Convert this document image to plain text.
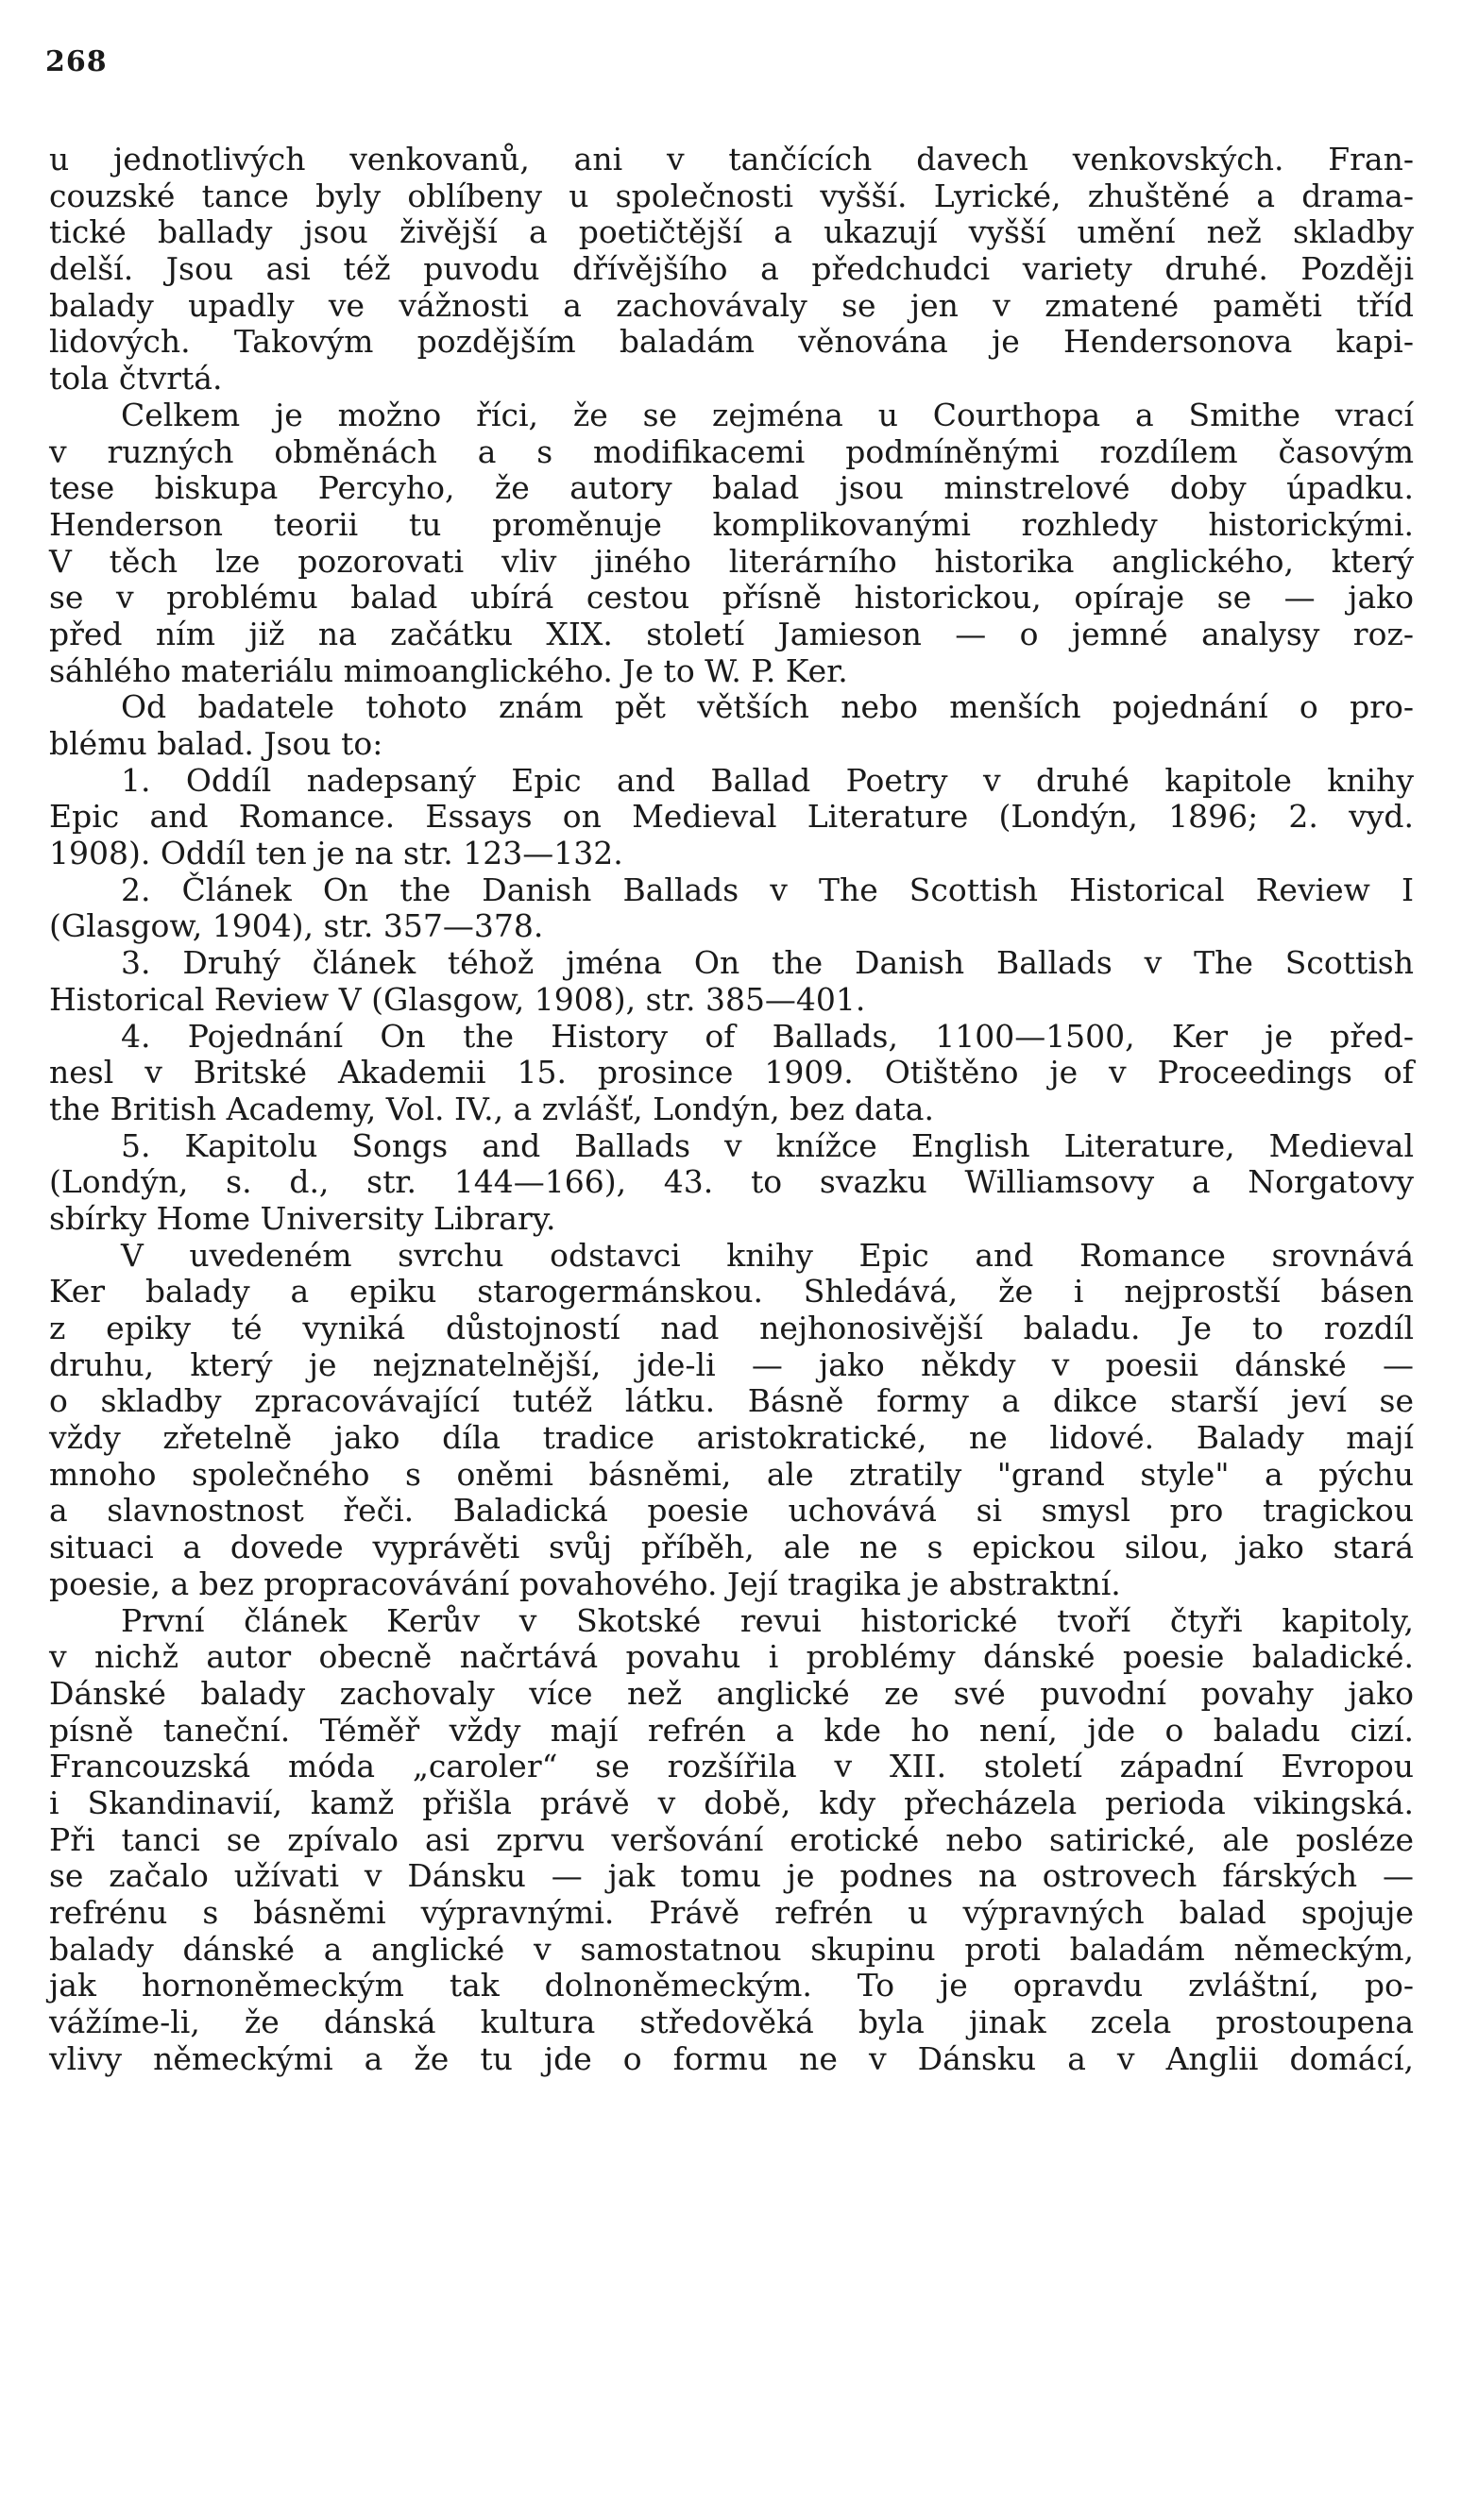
268
u jednotlivých venkovanů, ani v tančících davech venkovských. Fran-
couzské tance byly oblíbeny u společnosti vyšší. Lyrické, zhuštěné a drama-
tické ballady jsou živější a poetičtější a ukazují vyšší umění než skladby
delší. Jsou asi též puvodu dřívějšího a předchudci variety druhé. Později
balady upadly ve vážnosti a zachovávaly se jen v zmatené paměti tříd
lidových. Takovým pozdějším baladám věnována je Hendersonova kapi-
tola čtvrtá.
Celkem je možno říci, že se zejména u Courthopa a Smithe vrací
v ruzných obměnách a s modifikacemi podmíněnými rozdílem časovým
tese biskupa Percyho, že autory balad jsou minstrelové doby úpadku.
Henderson teorii tu proměnuje komplikovanými rozhledy historickými.
V těch lze pozorovati vliv jiného literárního historika anglického, který
se v problému balad ubírá cestou přísně historickou, opíraje se — jako
před ním již na začátku XIX. století Jamieson — o jemné analysy roz-
sáhlého materiálu mimoanglického. Je to W. P. Ker.
Od badatele tohoto znám pět větších nebo menších pojednání o pro-
blému balad. Jsou to:
1. Oddíl nadepsaný Epic and Ballad Poetry v druhé kapitole knihy
Epic and Romance. Essays on Medieval Literature (Londýn, 1896; 2. vyd.
1908). Oddíl ten je na str. 123—132.
2. Článek On the Danish Ballads v The Scottish Historical Review I
(Glasgow, 1904), str. 357—378.
3. Druhý článek téhož jména On the Danish Ballads v The Scottish
Historical Review V (Glasgow, 1908), str. 385—401.
4. Pojednání On the History of Ballads, 1100—1500, Ker je před-
nesl v Britské Akademii 15. prosince 1909. Otištěno je v Proceedings of
the British Academy, Vol. IV., a zvlášť, Londýn, bez data.
5. Kapitolu Songs and Ballads v knížce English Literature, Medieval
(Londýn, s. d., str. 144—166), 43. to svazku Williamsovy a Norgatovy
sbírky Home University Library.
V uvedeném svrchu odstavci knihy Epic and Romance srovnává
Ker balady a epiku starogermánskou. Shledává, že i nejprostší básen
z epiky té vyniká důstojností nad nejhonosivější baladu. Je to rozdíl
druhu, který je nejznatelnější, jde-li — jako někdy v poesii dánské —
o skladby zpracovávající tutéž látku. Básně formy a dikce starší jeví se
vždy zřetelně jako díla tradice aristokratické, ne lidové. Balady mají
mnoho společného s oněmi básněmi, ale ztratily "grand style" a pýchu
a slavnostnost řeči. Baladická poesie uchovává si smysl pro tragickou
situaci a dovede vyprávěti svůj příběh, ale ne s epickou silou, jako stará
poesie, a bez propracovávání povahového. Její tragika je abstraktní.
První článek Kerův v Skotské revui historické tvoří čtyři kapitoly,
v nichž autor obecně načrtává povahu i problémy dánské poesie baladické.
Dánské balady zachovaly více než anglické ze své puvodní povahy jako
písně taneční. Téměř vždy mají refrén a kde ho není, jde o baladu cizí.
Francouzská móda „caroler“ se rozšířila v XII. století západní Evropou
i Skandinavií, kamž přišla právě v době, kdy přecházela perioda vikingská.
Při tanci se zpívalo asi zprvu veršování erotické nebo satirické, ale posléze
se začalo užívati v Dánsku — jak tomu je podnes na ostrovech fárských —
refrénu s básněmi výpravnými. Právě refrén u výpravných balad spojuje
balady dánské a anglické v samostatnou skupinu proti baladám německým,
jak hornoněmeckým tak dolnoněmeckým. To je opravdu zvláštní, po-
vážíme-li, že dánská kultura středověká byla jinak zcela prostoupena
vlivy německými a že tu jde o formu ne v Dánsku a v Anglii domácí,
